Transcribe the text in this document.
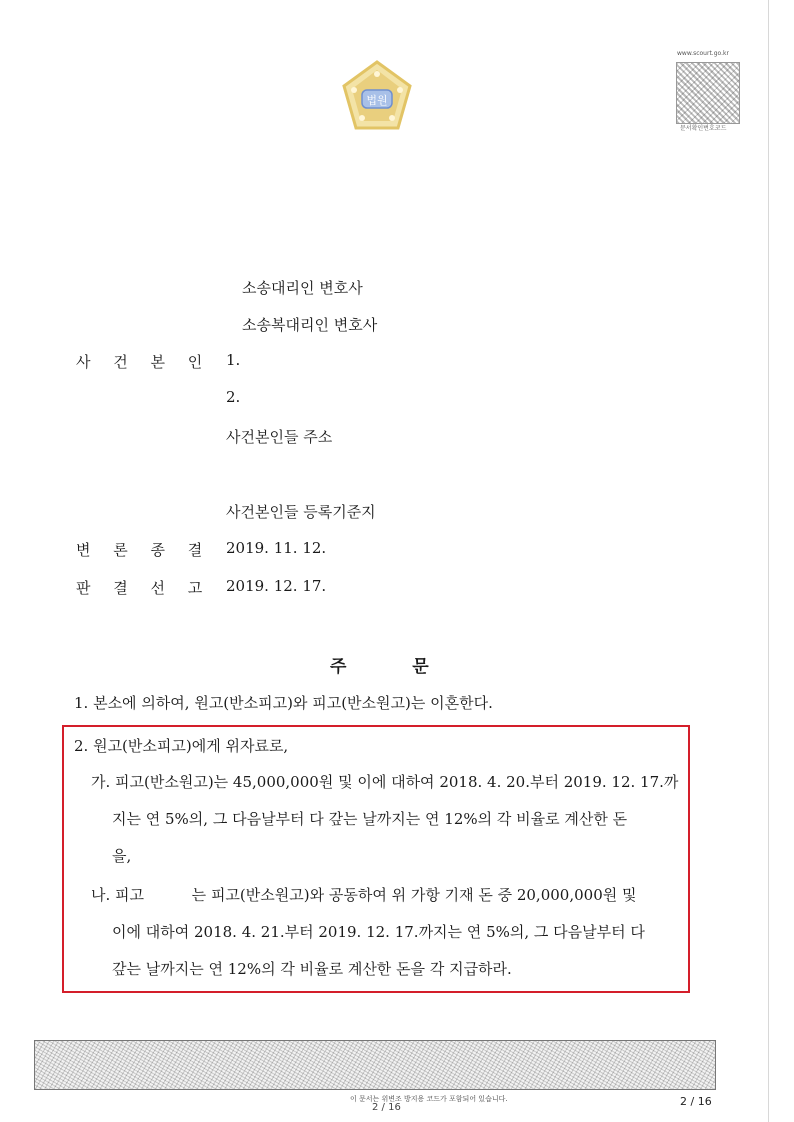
법원
www.scourt.go.kr
문서확인번호코드
소송대리인 변호사
소송복대리인 변호사
사 건 본 인 1.
2.
사건본인들 주소
사건본인들 등록기준지
변 론 종 결 2019. 11. 12.
판 결 선 고 2019. 12. 17.
주	문
1. 본소에 의하여, 원고(반소피고)와 피고(반소원고)는 이혼한다.
2. 원고(반소피고)에게 위자료로,
가. 피고(반소원고)는 45,000,000원 및 이에 대하여 2018. 4. 20.부터 2019. 12. 17.까
지는 연 5%의, 그 다음날부터 다 갚는 날까지는 연 12%의 각 비율로 계산한 돈
을,
나. 피고          는 피고(반소원고)와 공동하여 위 가항 기재 돈 중 20,000,000원 및
이에 대하여 2018. 4. 21.부터 2019. 12. 17.까지는 연 5%의, 그 다음날부터 다
갚는 날까지는 연 12%의 각 비율로 계산한 돈을 각 지급하라.
이 문서는 위변조 방지용 코드가 포함되어 있습니다.
2 / 16	2 / 16
